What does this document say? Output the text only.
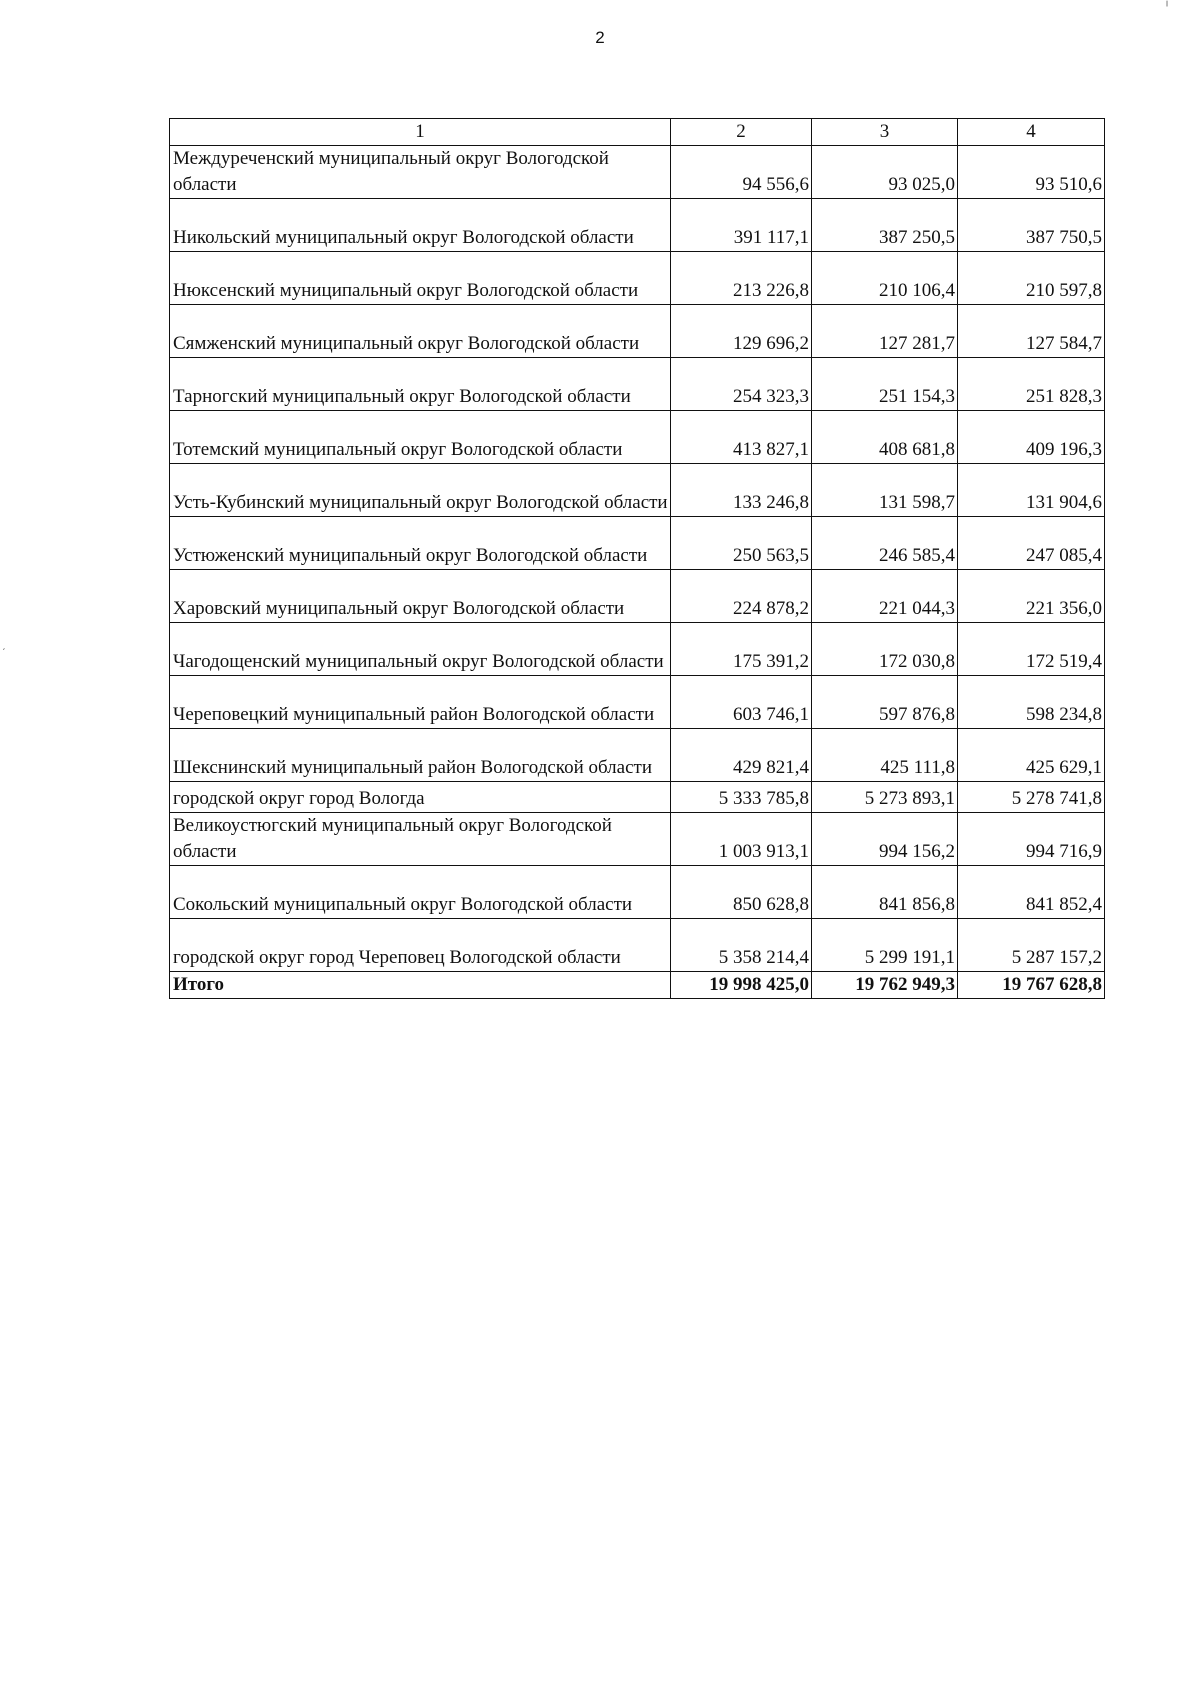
2
1	2	3	4
Междуреченский муниципальный округ Вологодской области	94 556,6	93 025,0	93 510,6
Никольский муниципальный округ Вологодской области	391 117,1	387 250,5	387 750,5
Нюксенский муниципальный округ Вологодской области	213 226,8	210 106,4	210 597,8
Сямженский муниципальный округ Вологодской области	129 696,2	127 281,7	127 584,7
Тарногский муниципальный округ Вологодской области	254 323,3	251 154,3	251 828,3
Тотемский муниципальный округ Вологодской области	413 827,1	408 681,8	409 196,3
Усть-Кубинский муниципальный округ Вологодской области	133 246,8	131 598,7	131 904,6
Устюженский муниципальный округ Вологодской области	250 563,5	246 585,4	247 085,4
Харовский муниципальный округ Вологодской области	224 878,2	221 044,3	221 356,0
Чагодощенский муниципальный округ Вологодской области	175 391,2	172 030,8	172 519,4
Череповецкий муниципальный район Вологодской области	603 746,1	597 876,8	598 234,8
Шекснинский муниципальный район Вологодской области	429 821,4	425 111,8	425 629,1
городской округ город Вологда	5 333 785,8	5 273 893,1	5 278 741,8
Великоустюгский муниципальный округ Вологодской области	1 003 913,1	994 156,2	994 716,9
Сокольский муниципальный округ Вологодской области	850 628,8	841 856,8	841 852,4
городской округ город Череповец Вологодской области	5 358 214,4	5 299 191,1	5 287 157,2
Итого	19 998 425,0	19 762 949,3	19 767 628,8
╷
ˏ
